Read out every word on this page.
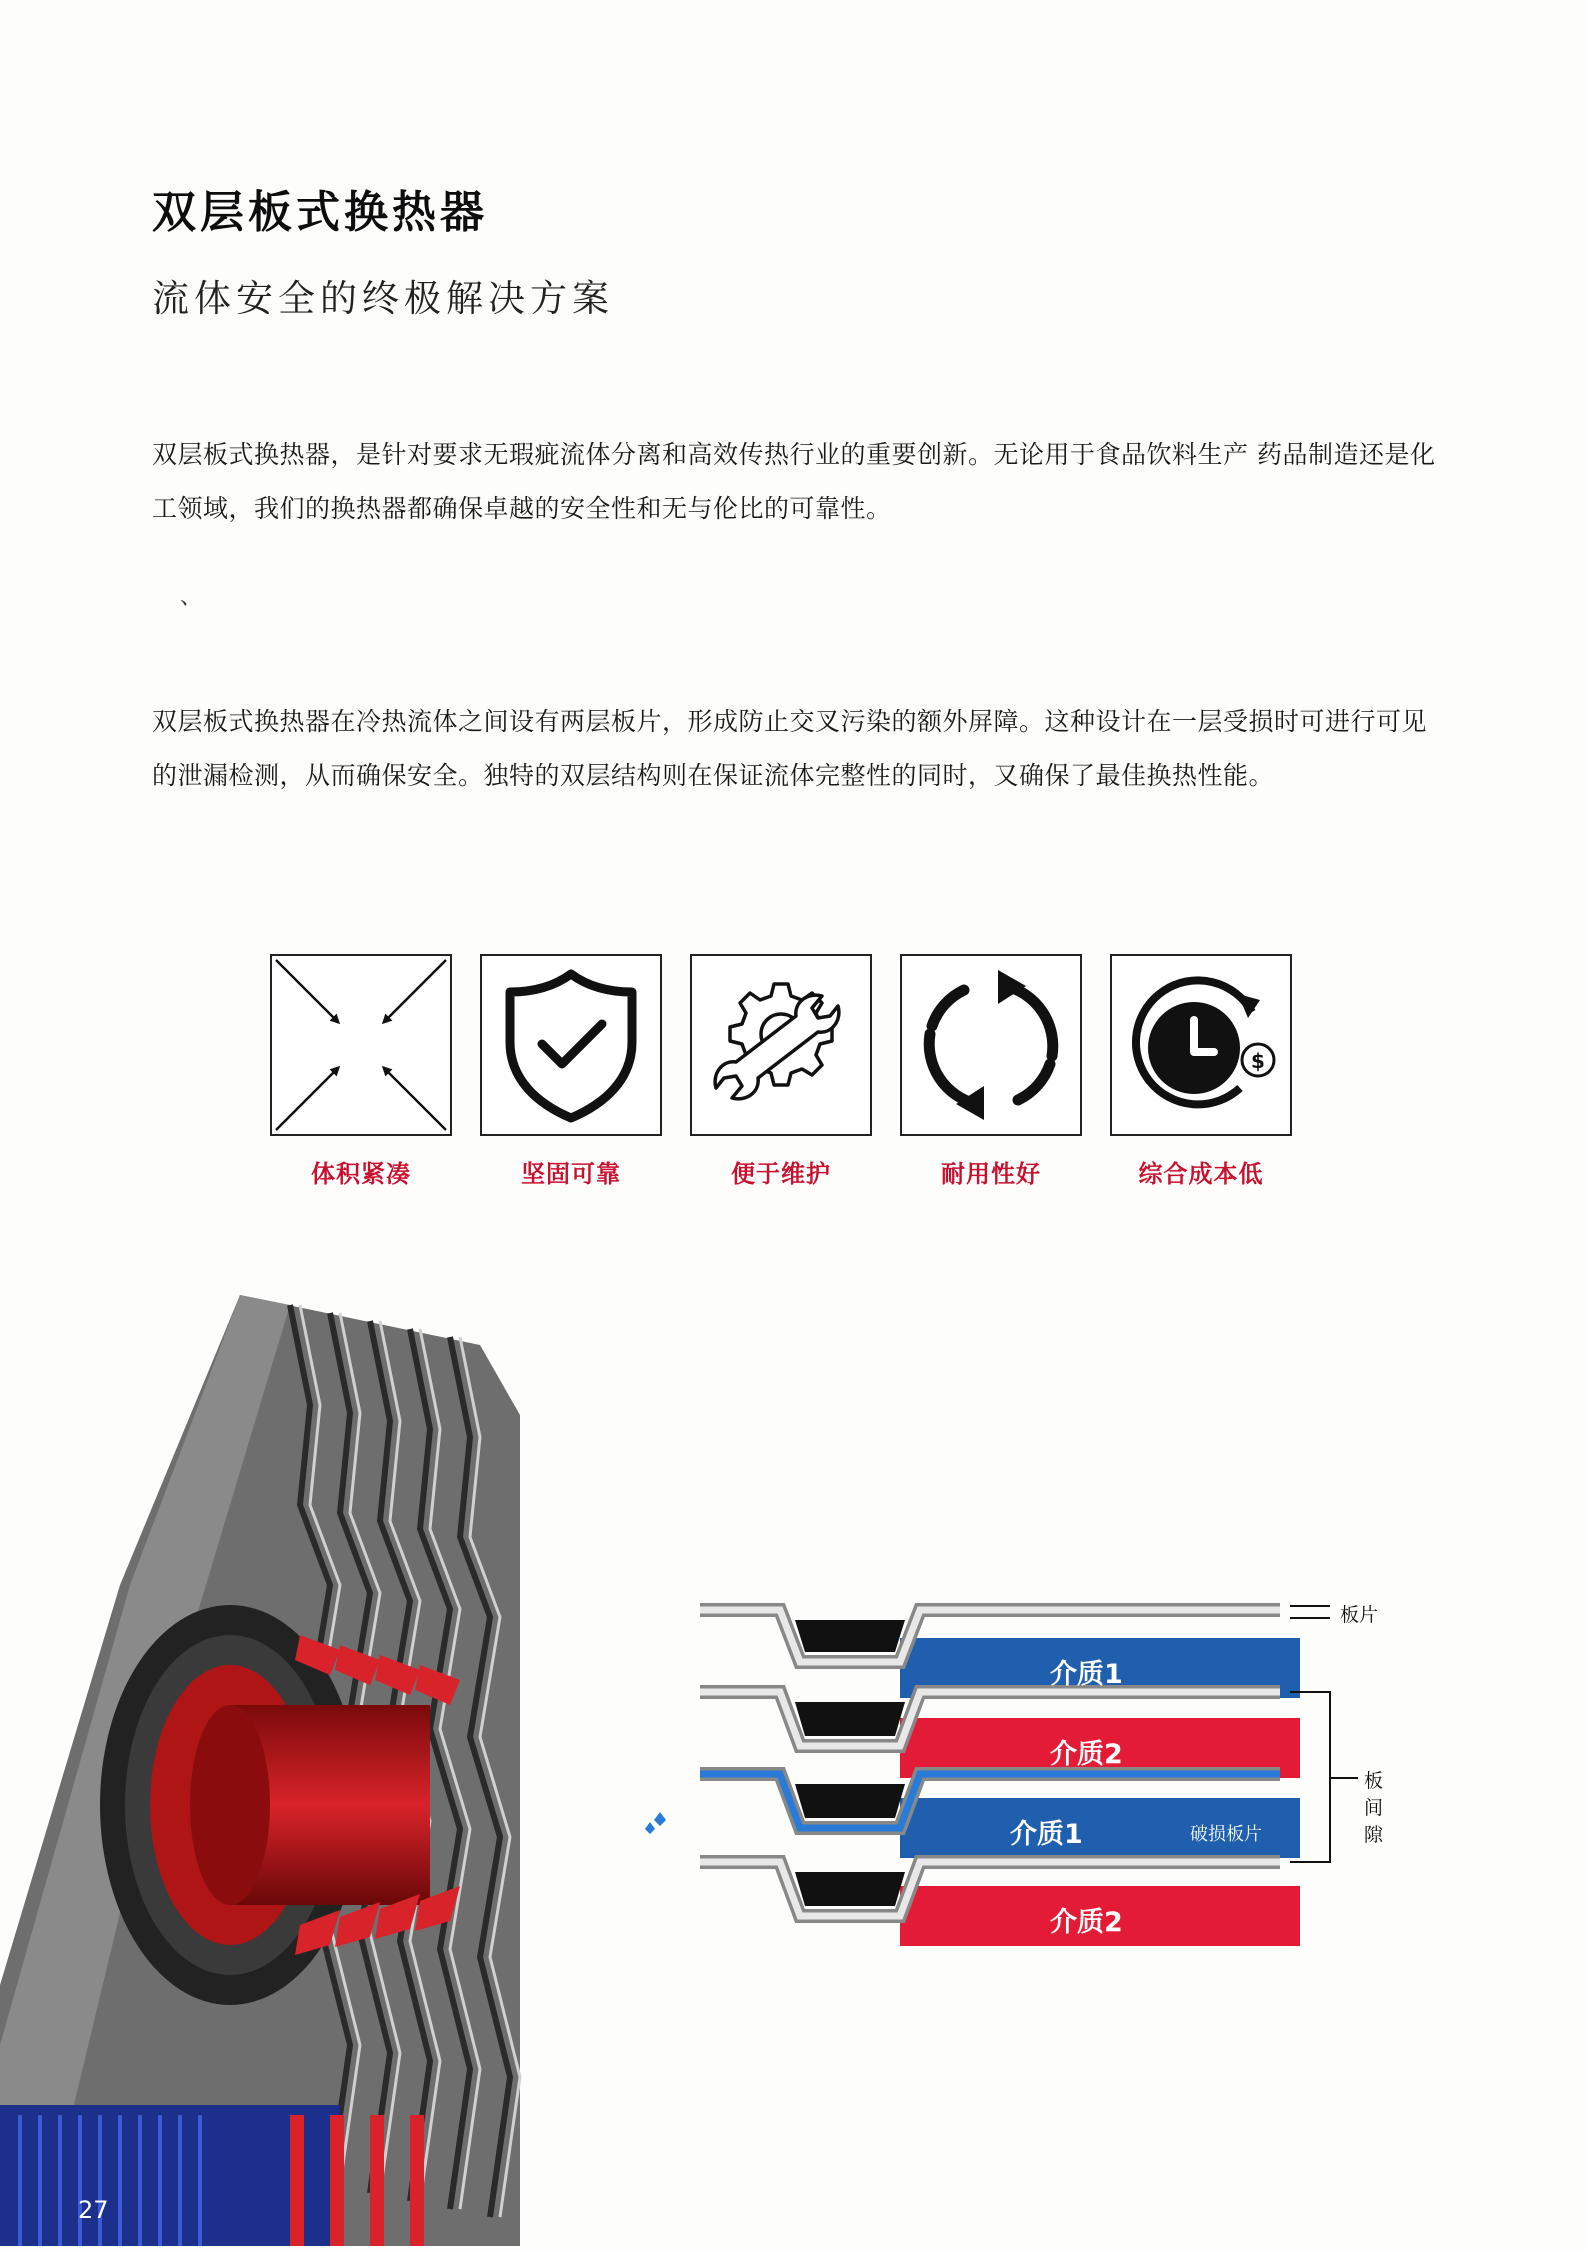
双层板式换热器
流体安全的终极解决方案
双层板式换热器，是针对要求无瑕疵流体分离和高效传热行业的重要创新。无论用于食品饮料生产 药品制造还是化工领域，我们的换热器都确保卓越的安全性和无与伦比的可靠性。
、
双层板式换热器在冷热流体之间设有两层板片，形成防止交叉污染的额外屏障。这种设计在一层受损时可进行可见的泄漏检测，从而确保安全。独特的双层结构则在保证流体完整性的同时，又确保了最佳换热性能。
体积紧凑	坚固可靠	便于维护	耐用性好
$
综合成本低
介质1
介质2
介质1	破损板片
介质2
板片
板间隙
27
